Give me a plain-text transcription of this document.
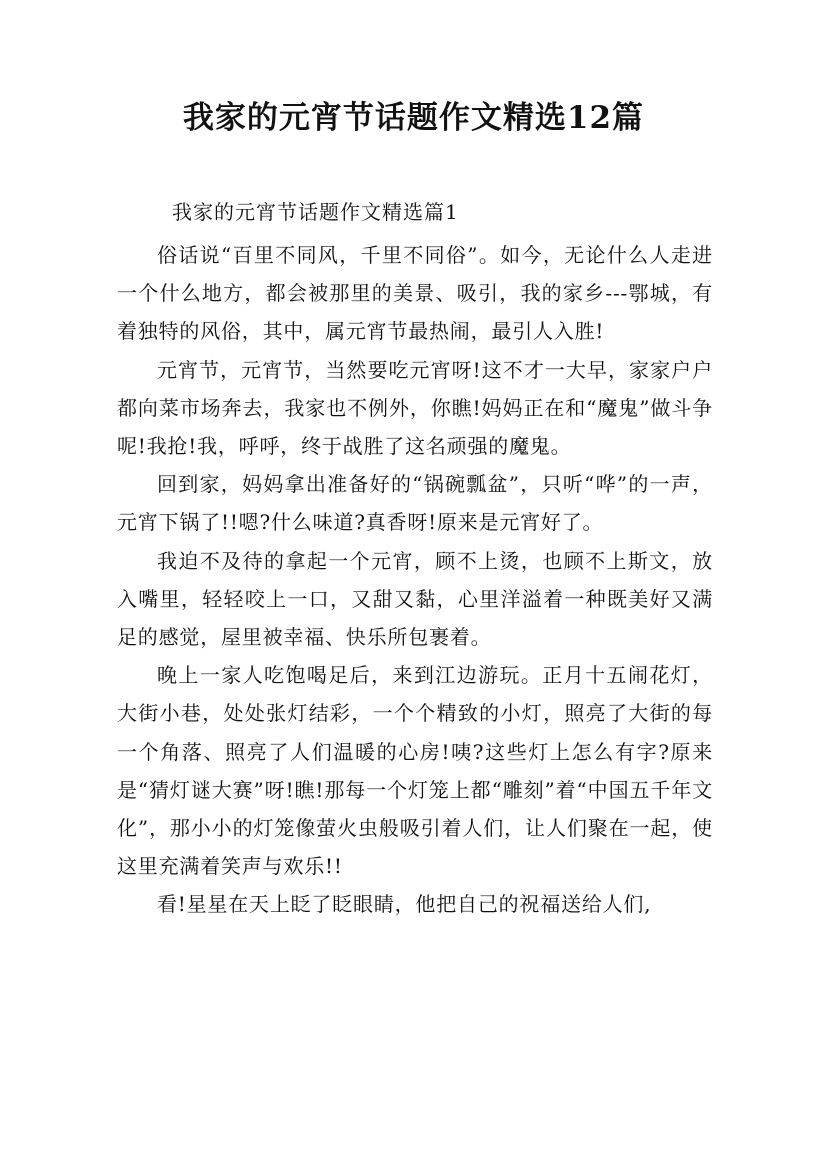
我家的元宵节话题作文精选12篇
我家的元宵节话题作文精选篇1

俗话说“百里不同风，千里不同俗”。如今，无论什么人走进一个什么地方，都会被那里的美景、吸引，我的家乡---鄂城，有着独特的风俗，其中，属元宵节最热闹，最引人入胜!

元宵节，元宵节，当然要吃元宵呀!这不才一大早，家家户户都向菜市场奔去，我家也不例外，你瞧!妈妈正在和“魔鬼”做斗争呢!我抢!我，呼呼，终于战胜了这名顽强的魔鬼。

回到家，妈妈拿出准备好的“锅碗瓢盆”，只听“哗”的一声，元宵下锅了!!嗯?什么味道?真香呀!原来是元宵好了。

我迫不及待的拿起一个元宵，顾不上烫，也顾不上斯文，放入嘴里，轻轻咬上一口，又甜又黏，心里洋溢着一种既美好又满足的感觉，屋里被幸福、快乐所包裹着。

晚上一家人吃饱喝足后，来到江边游玩。正月十五闹花灯，大街小巷，处处张灯结彩，一个个精致的小灯，照亮了大街的每一个角落、照亮了人们温暖的心房!咦?这些灯上怎么有字?原来是“猜灯谜大赛”呀!瞧!那每一个灯笼上都“雕刻”着“中国五千年文化”，那小小的灯笼像萤火虫般吸引着人们，让人们聚在一起，使这里充满着笑声与欢乐!!

看!星星在天上眨了眨眼睛，他把自己的祝福送给人们,
